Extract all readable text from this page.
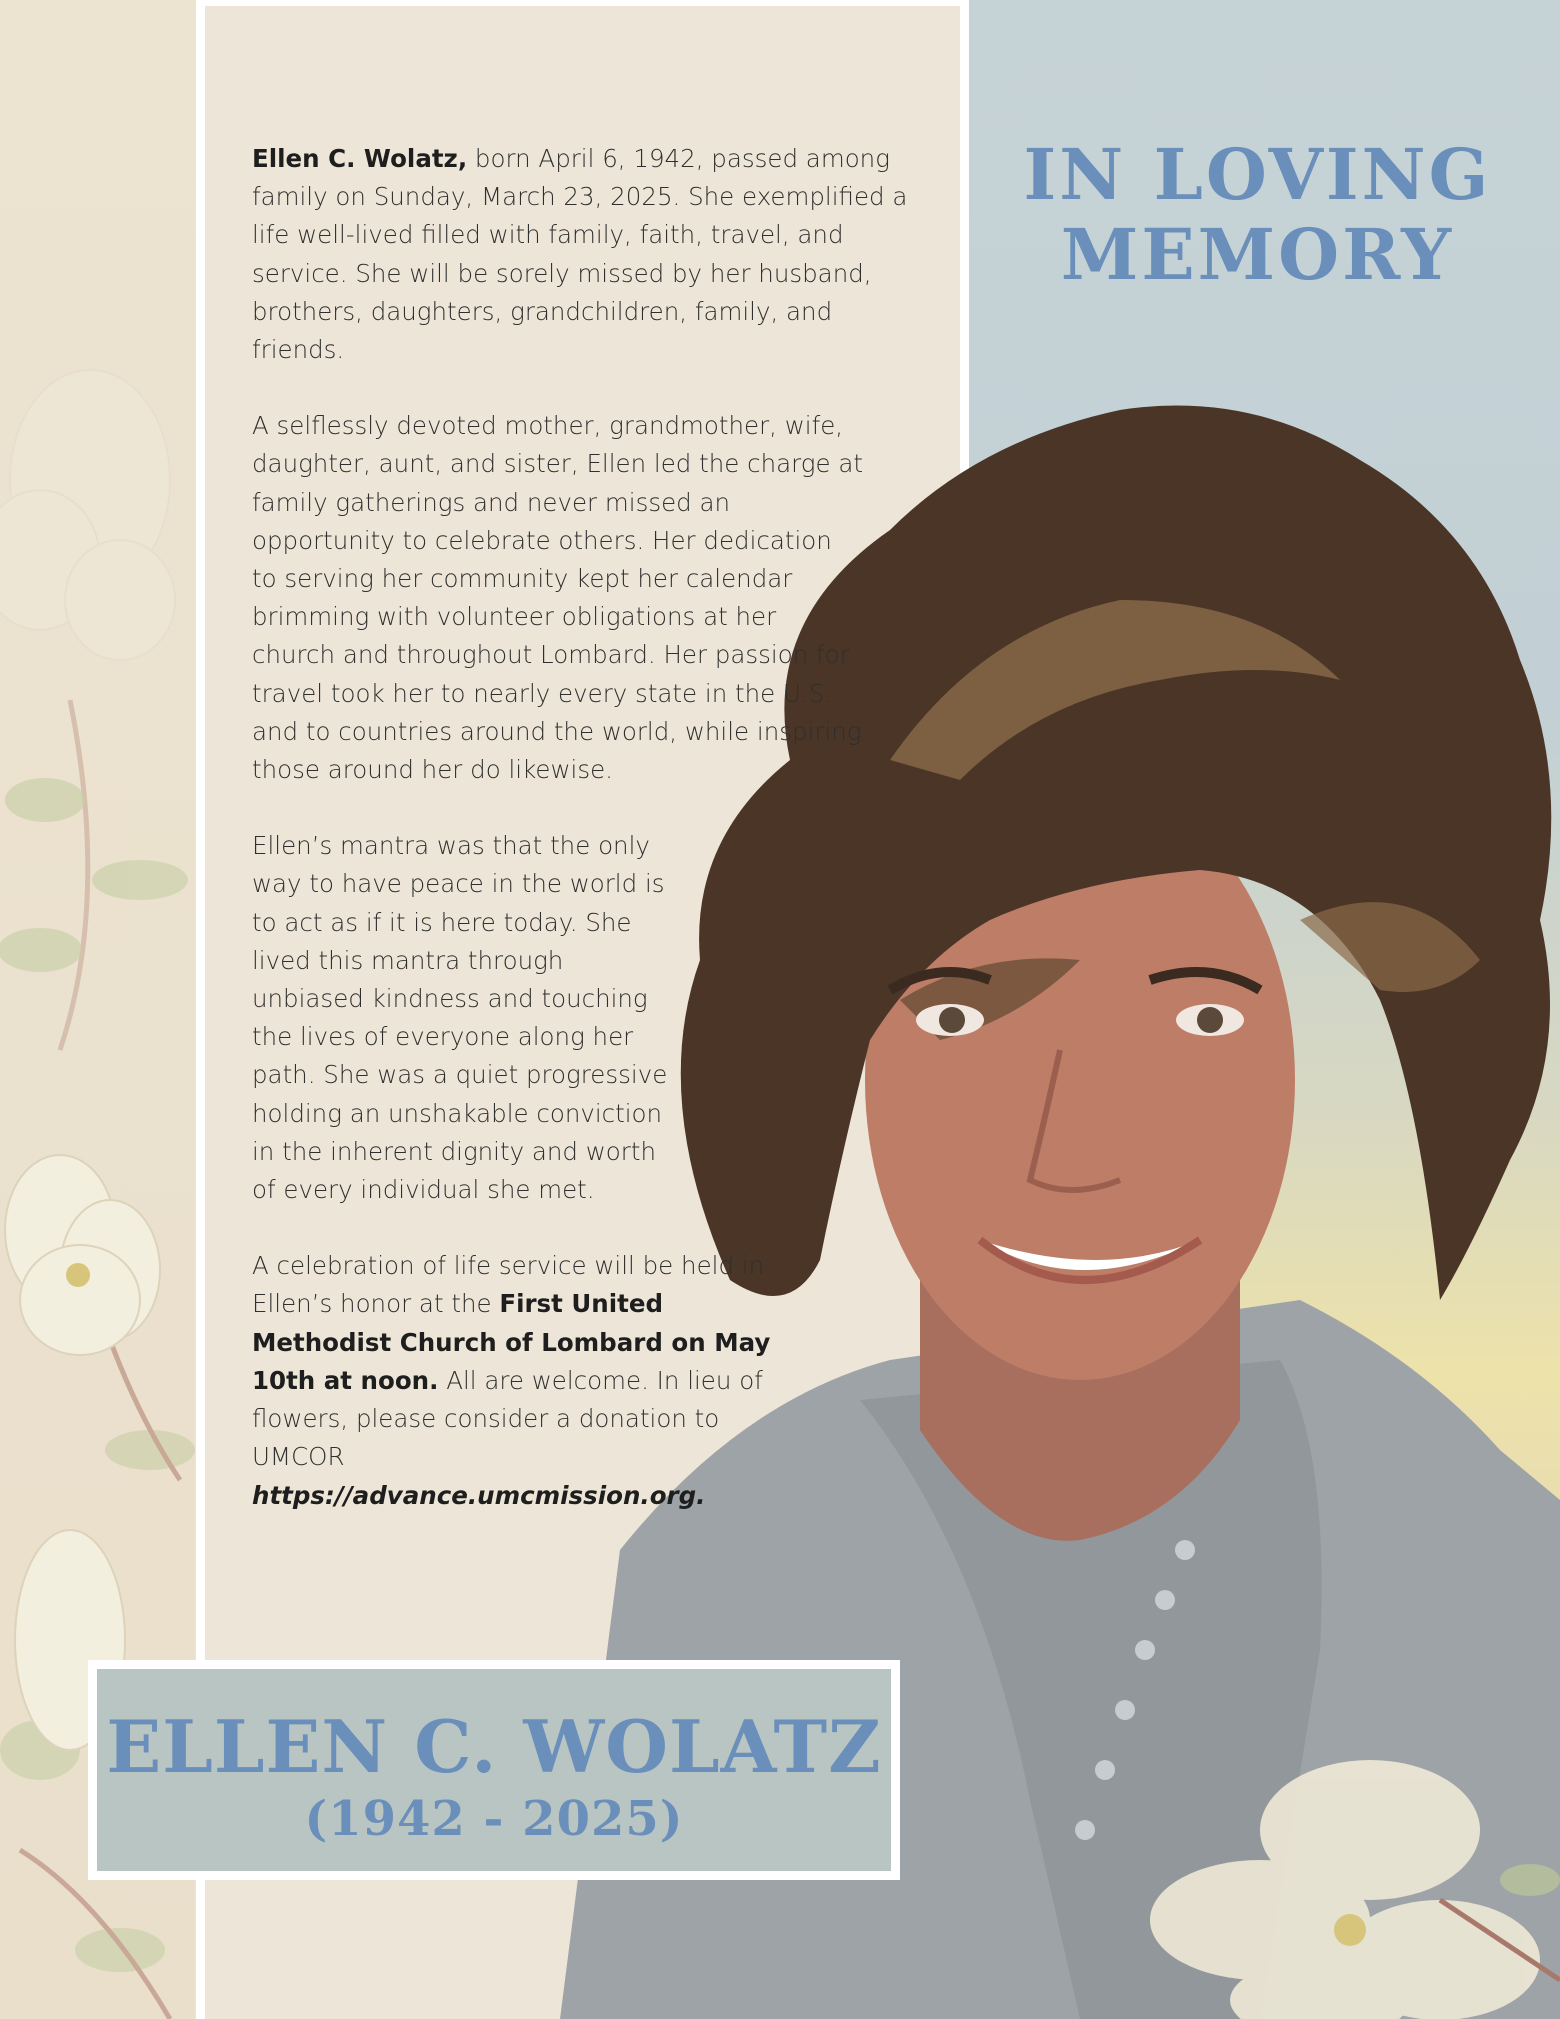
IN LOVING
MEMORY

Ellen C. Wolatz, born April 6, 1942, passed among family on Sunday, March 23, 2025. She exemplified a life well-lived filled with family, faith, travel, and service. She will be sorely missed by her husband, brothers, daughters, grandchildren, family, and friends.

A selflessly devoted mother, grandmother, wife, daughter, aunt, and sister, Ellen led the charge at family gatherings and never missed an opportunity to celebrate others. Her dedication to serving her community kept her calendar brimming with volunteer obligations at her church and throughout Lombard. Her passion for travel took her to nearly every state in the U.S. and to countries around the world, while inspiring those around her do likewise.

Ellen’s mantra was that the only way to have peace in the world is to act as if it is here today. She lived this mantra through unbiased kindness and touching the lives of everyone along her path. She was a quiet progressive holding an unshakable conviction in the inherent dignity and worth of every individual she met.

A celebration of life service will be held in Ellen’s honor at the First United Methodist Church of Lombard on May 10th at noon. All are welcome. In lieu of flowers, please consider a donation to UMCOR https://advance.umcmission.org.

ELLEN C. WOLATZ
(1942 - 2025)
